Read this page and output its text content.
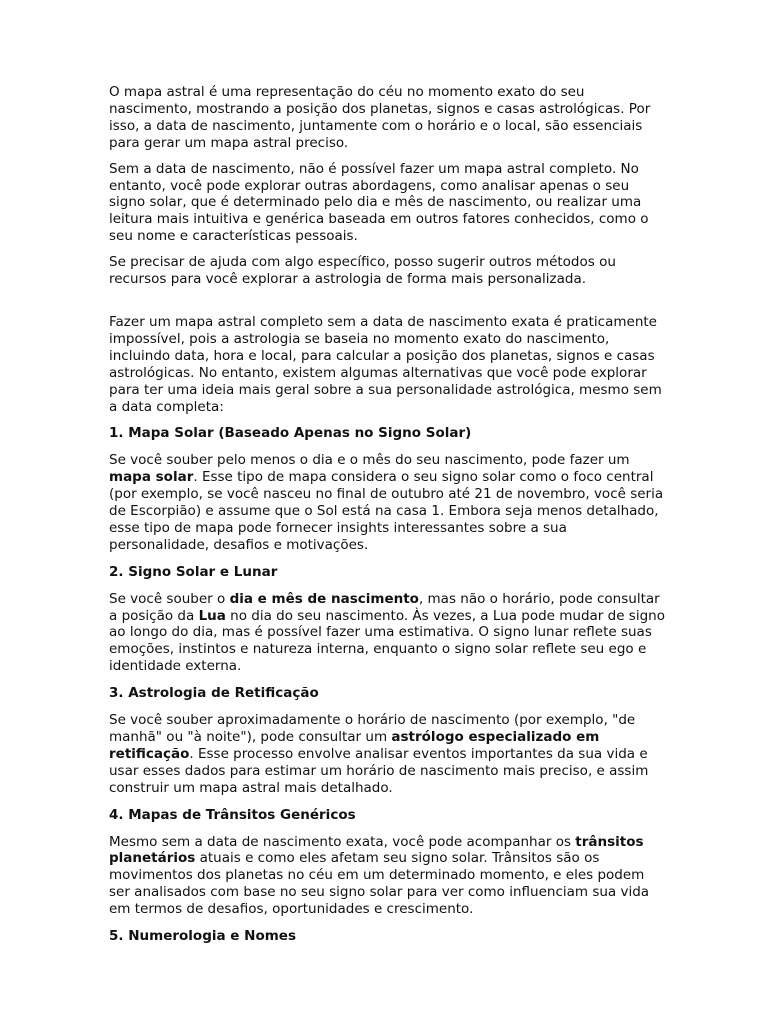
O mapa astral é uma representação do céu no momento exato do seu nascimento, mostrando a posição dos planetas, signos e casas astrológicas. Por isso, a data de nascimento, juntamente com o horário e o local, são essenciais para gerar um mapa astral preciso.

Sem a data de nascimento, não é possível fazer um mapa astral completo. No entanto, você pode explorar outras abordagens, como analisar apenas o seu signo solar, que é determinado pelo dia e mês de nascimento, ou realizar uma leitura mais intuitiva e genérica baseada em outros fatores conhecidos, como o seu nome e características pessoais.

Se precisar de ajuda com algo específico, posso sugerir outros métodos ou recursos para você explorar a astrologia de forma mais personalizada.

Fazer um mapa astral completo sem a data de nascimento exata é praticamente impossível, pois a astrologia se baseia no momento exato do nascimento, incluindo data, hora e local, para calcular a posição dos planetas, signos e casas astrológicas. No entanto, existem algumas alternativas que você pode explorar para ter uma ideia mais geral sobre a sua personalidade astrológica, mesmo sem a data completa:

1. Mapa Solar (Baseado Apenas no Signo Solar)

Se você souber pelo menos o dia e o mês do seu nascimento, pode fazer um mapa solar. Esse tipo de mapa considera o seu signo solar como o foco central (por exemplo, se você nasceu no final de outubro até 21 de novembro, você seria de Escorpião) e assume que o Sol está na casa 1. Embora seja menos detalhado, esse tipo de mapa pode fornecer insights interessantes sobre a sua personalidade, desafios e motivações.

2. Signo Solar e Lunar

Se você souber o dia e mês de nascimento, mas não o horário, pode consultar a posição da Lua no dia do seu nascimento. Às vezes, a Lua pode mudar de signo ao longo do dia, mas é possível fazer uma estimativa. O signo lunar reflete suas emoções, instintos e natureza interna, enquanto o signo solar reflete seu ego e identidade externa.

3. Astrologia de Retificação

Se você souber aproximadamente o horário de nascimento (por exemplo, "de manhã" ou "à noite"), pode consultar um astrólogo especializado em retificação. Esse processo envolve analisar eventos importantes da sua vida e usar esses dados para estimar um horário de nascimento mais preciso, e assim construir um mapa astral mais detalhado.

4. Mapas de Trânsitos Genéricos

Mesmo sem a data de nascimento exata, você pode acompanhar os trânsitos planetários atuais e como eles afetam seu signo solar. Trânsitos são os movimentos dos planetas no céu em um determinado momento, e eles podem ser analisados com base no seu signo solar para ver como influenciam sua vida em termos de desafios, oportunidades e crescimento.

5. Numerologia e Nomes
